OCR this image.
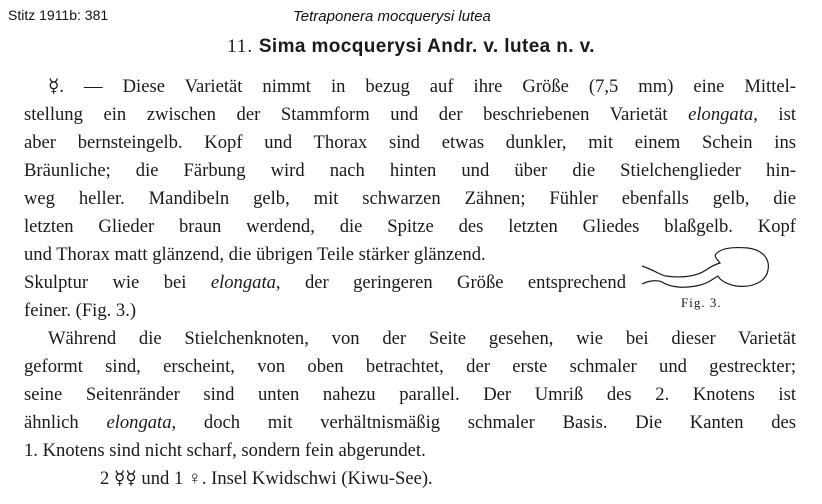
Stitz 1911b: 381	Tetraponera mocquerysi lutea
11. Sima mocquerysi Andr. v. lutea n. v.
☿. — Diese Varietät nimmt in bezug auf ihre Größe (7,5 mm) eine Mittel-
stellung ein zwischen der Stammform und der beschriebenen Varietät elongata, ist
aber bernsteingelb. Kopf und Thorax sind etwas dunkler, mit einem Schein ins
Bräunliche; die Färbung wird nach hinten und über die Stielchenglieder hin-
weg heller. Mandibeln gelb, mit schwarzen Zähnen; Fühler ebenfalls gelb, die
letzten Glieder braun werdend, die Spitze des letzten Gliedes blaßgelb. Kopf
und Thorax matt glänzend, die übrigen Teile stärker glänzend.
Skulptur wie bei elongata, der geringeren Größe entsprechend
feiner. (Fig. 3.)	Fig. 3.
Während die Stielchenknoten, von der Seite gesehen, wie bei dieser Varietät
geformt sind, erscheint, von oben betrachtet, der erste schmaler und gestreckter;
seine Seitenränder sind unten nahezu parallel. Der Umriß des 2. Knotens ist
ähnlich elongata, doch mit verhältnismäßig schmaler Basis. Die Kanten des
1. Knotens sind nicht scharf, sondern fein abgerundet.
2 ☿☿ und 1 ♀. Insel Kwidschwi (Kiwu-See).
